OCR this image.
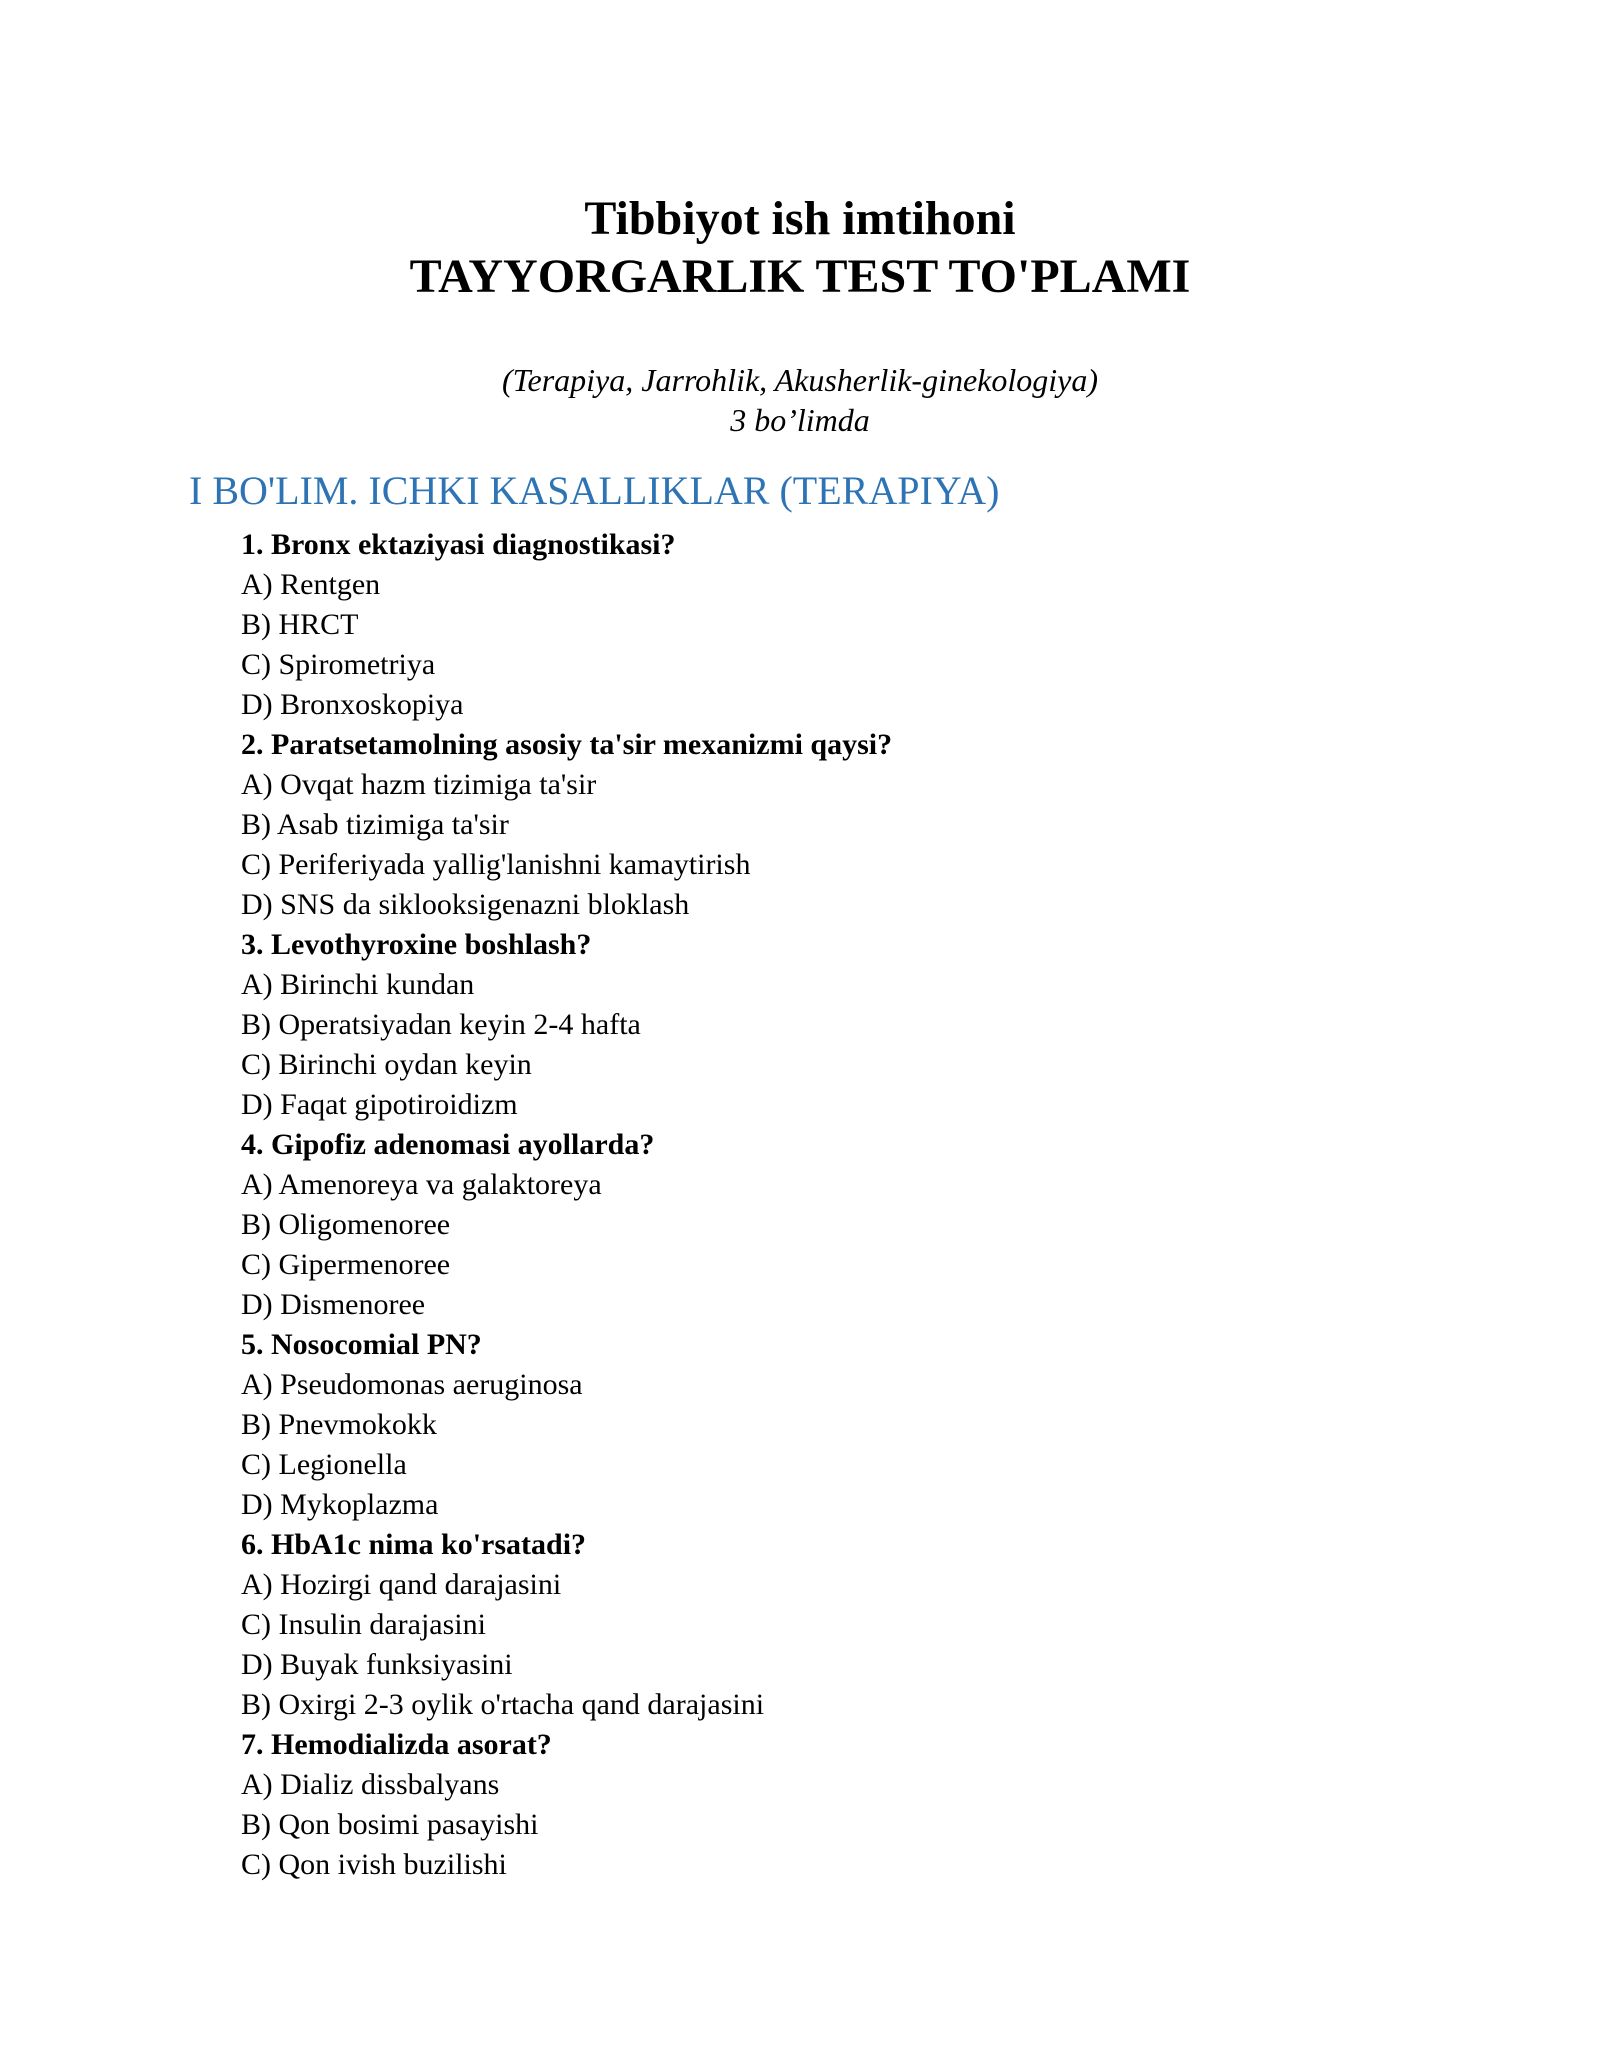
Tibbiyot ish imtihoni
TAYYORGARLIK TEST TO'PLAMI
(Terapiya, Jarrohlik, Akusherlik-ginekologiya)
3 bo’limda
I BO'LIM. ICHKI KASALLIKLAR (TERAPIYA)
1. Bronx ektaziyasi diagnostikasi?
A) Rentgen
B) HRCT
C) Spirometriya
D) Bronxoskopiya
2. Paratsetamolning asosiy ta'sir mexanizmi qaysi?
A) Ovqat hazm tizimiga ta'sir
B) Asab tizimiga ta'sir
C) Periferiyada yallig'lanishni kamaytirish
D) SNS da siklooksigenazni bloklash
3. Levothyroxine boshlash?
A) Birinchi kundan
B) Operatsiyadan keyin 2-4 hafta
C) Birinchi oydan keyin
D) Faqat gipotiroidizm
4. Gipofiz adenomasi ayollarda?
A) Amenoreya va galaktoreya
B) Oligomenoree
C) Gipermenoree
D) Dismenoree
5. Nosocomial PN?
A) Pseudomonas aeruginosa
B) Pnevmokokk
C) Legionella
D) Mykoplazma
6. HbA1c nima ko'rsatadi?
A) Hozirgi qand darajasini
C) Insulin darajasini
D) Buyak funksiyasini
B) Oxirgi 2-3 oylik o'rtacha qand darajasini
7. Hemodializda asorat?
A) Dializ dissbalyans
B) Qon bosimi pasayishi
C) Qon ivish buzilishi
